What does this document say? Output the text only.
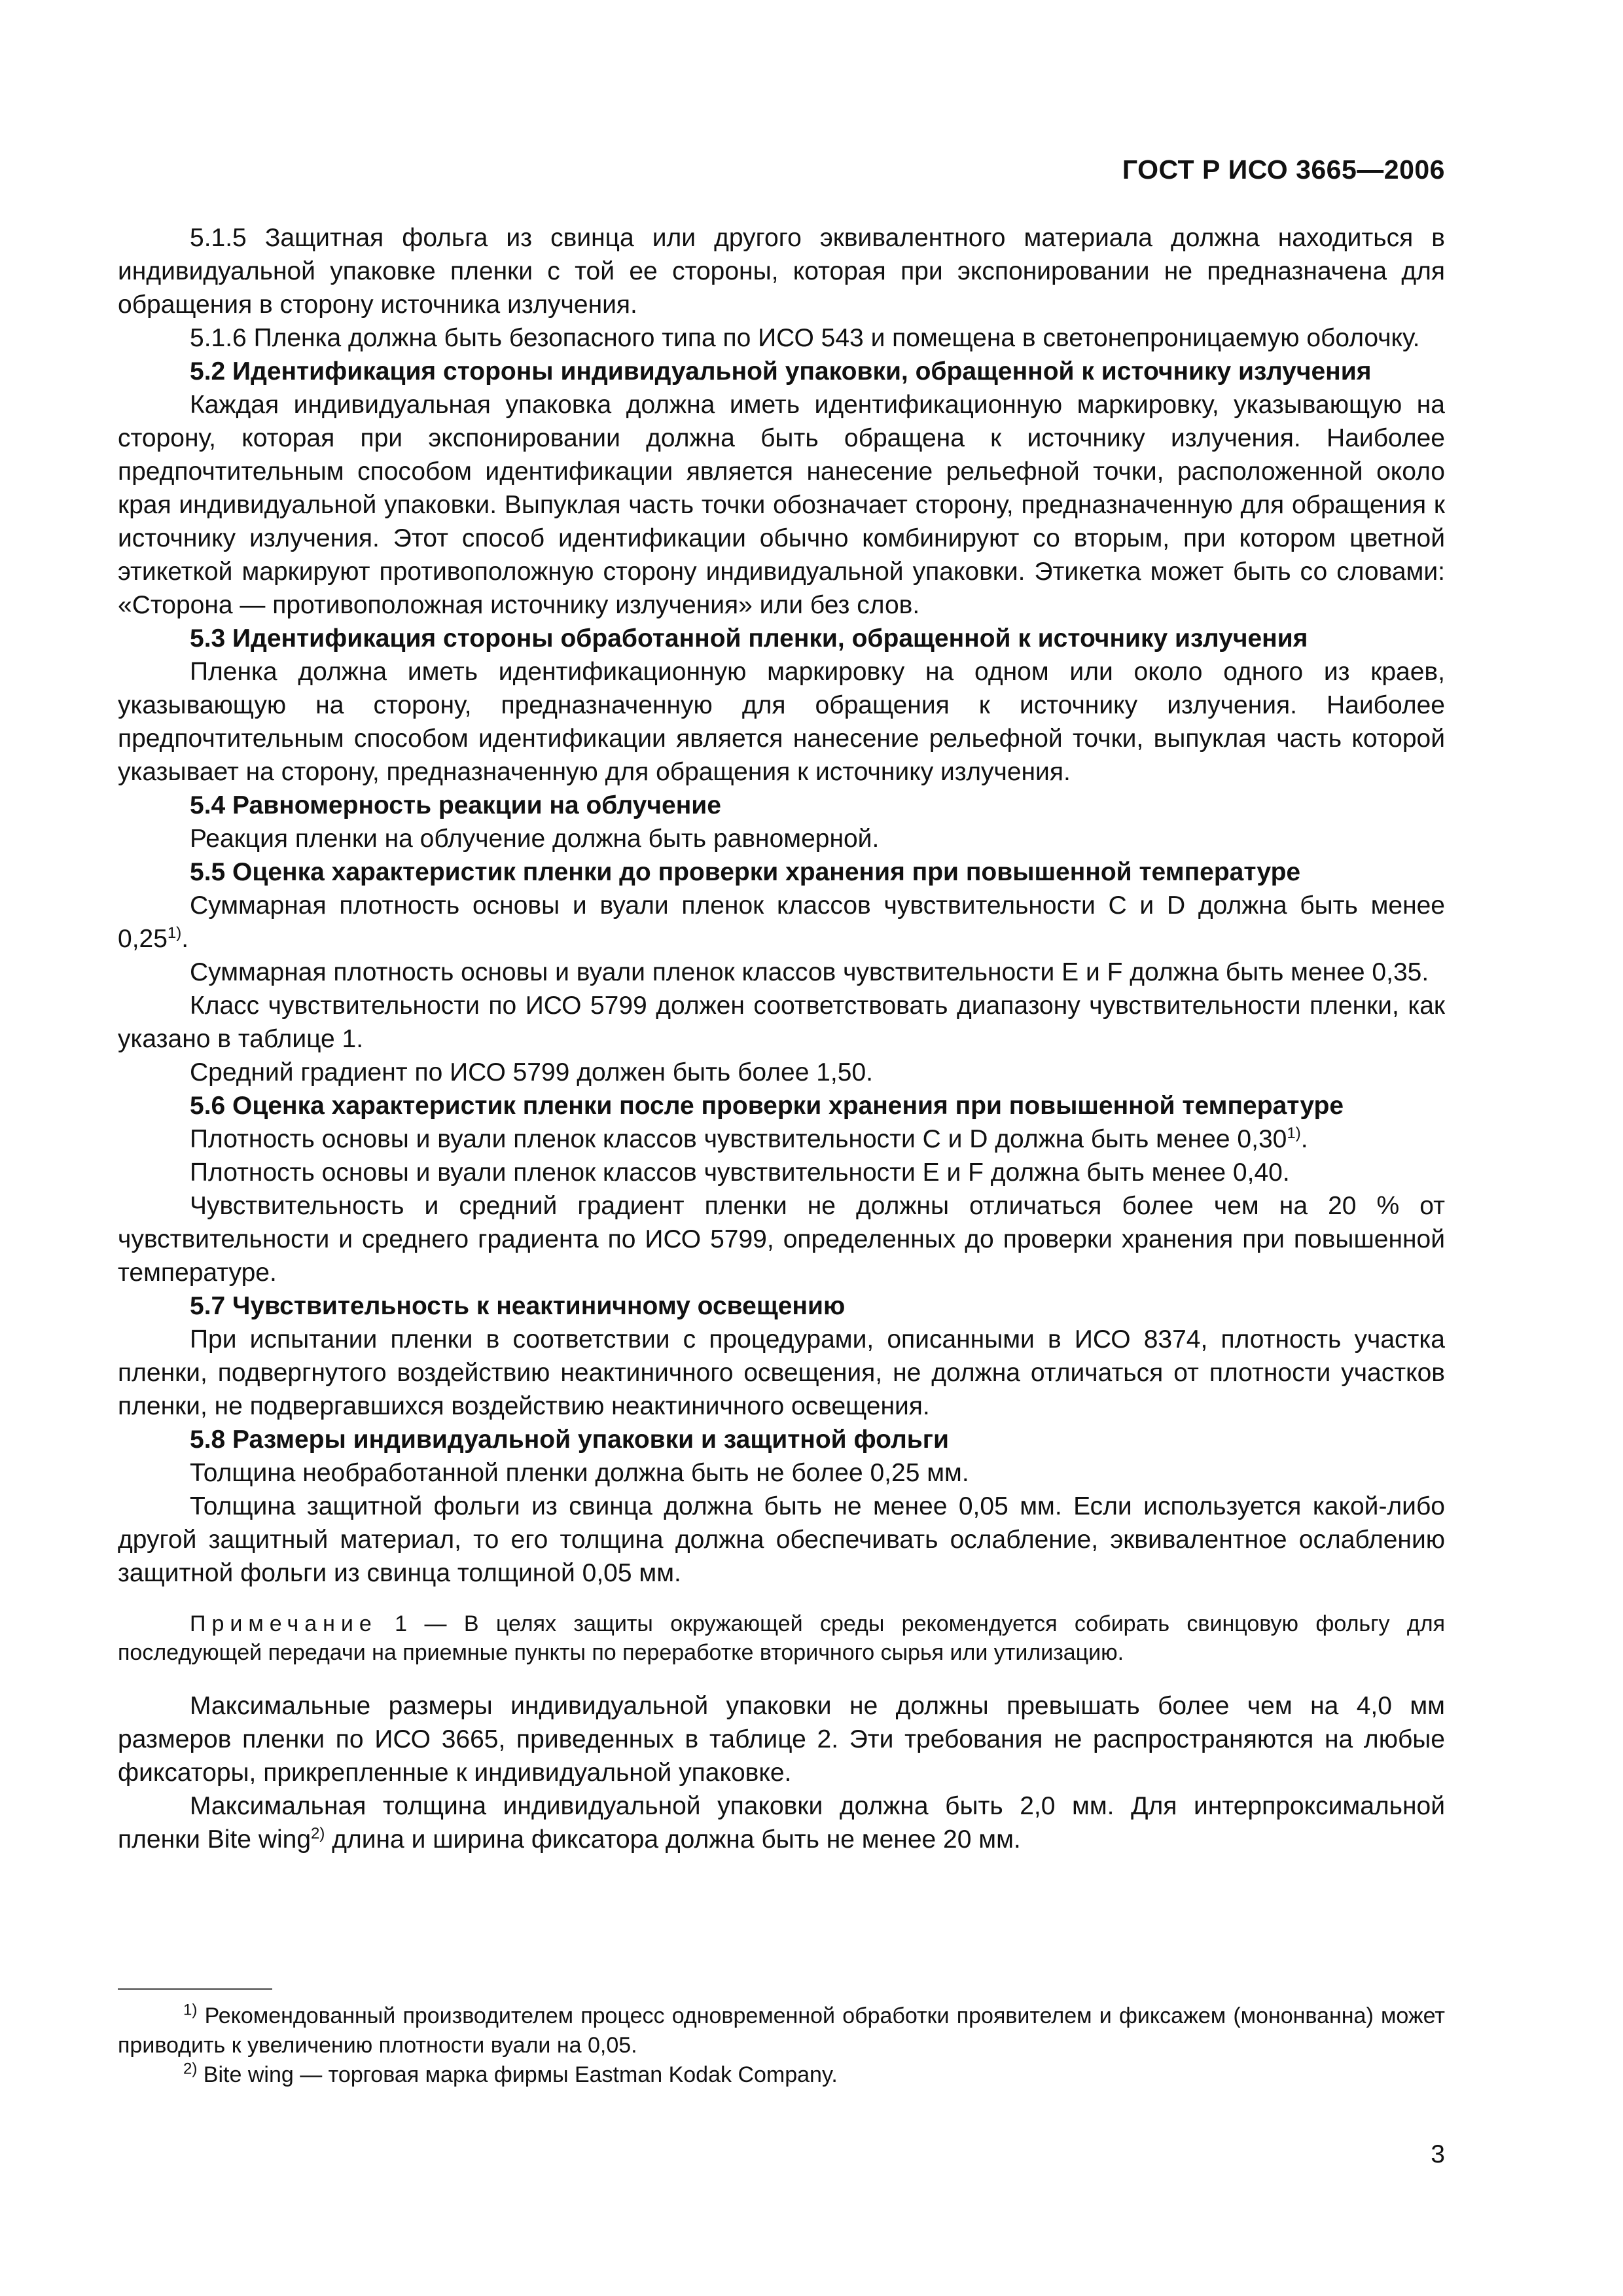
ГОСТ Р ИСО 3665—2006

5.1.5 Защитная фольга из свинца или другого эквивалентного материала должна находиться в индивидуальной упаковке пленки с той ее стороны, которая при экспонировании не предназначена для обращения в сторону источника излучения.

5.1.6 Пленка должна быть безопасного типа по ИСО 543 и помещена в светонепроницаемую оболочку.

5.2 Идентификация стороны индивидуальной упаковки, обращенной к источнику излучения

Каждая индивидуальная упаковка должна иметь идентификационную маркировку, указывающую на сторону, которая при экспонировании должна быть обращена к источнику излучения. Наиболее предпочтительным способом идентификации является нанесение рельефной точки, расположенной около края индивидуальной упаковки. Выпуклая часть точки обозначает сторону, предназначенную для обращения к источнику излучения. Этот способ идентификации обычно комбинируют со вторым, при котором цветной этикеткой маркируют противоположную сторону индивидуальной упаковки. Этикетка может быть со словами: «Сторона — противоположная источнику излучения» или без слов.

5.3 Идентификация стороны обработанной пленки, обращенной к источнику излучения

Пленка должна иметь идентификационную маркировку на одном или около одного из краев, указывающую на сторону, предназначенную для обращения к источнику излучения. Наиболее предпочтительным способом идентификации является нанесение рельефной точки, выпуклая часть которой указывает на сторону, предназначенную для обращения к источнику излучения.

5.4 Равномерность реакции на облучение

Реакция пленки на облучение должна быть равномерной.

5.5 Оценка характеристик пленки до проверки хранения при повышенной температуре

Суммарная плотность основы и вуали пленок классов чувствительности C и D должна быть менее 0,25$^{1)}$.

Суммарная плотность основы и вуали пленок классов чувствительности E и F должна быть менее 0,35.

Класс чувствительности по ИСО 5799 должен соответствовать диапазону чувствительности пленки, как указано в таблице 1.

Средний градиент по ИСО 5799 должен быть более 1,50.

5.6 Оценка характеристик пленки после проверки хранения при повышенной температуре

Плотность основы и вуали пленок классов чувствительности C и D должна быть менее 0,30$^{1)}$.

Плотность основы и вуали пленок классов чувствительности E и F должна быть менее 0,40.

Чувствительность и средний градиент пленки не должны отличаться более чем на 20 % от чувствительности и среднего градиента по ИСО 5799, определенных до проверки хранения при повышенной температуре.

5.7 Чувствительность к неактиничному освещению

При испытании пленки в соответствии с процедурами, описанными в ИСО 8374, плотность участка пленки, подвергнутого воздействию неактиничного освещения, не должна отличаться от плотности участков пленки, не подвергавшихся воздействию неактиничного освещения.

5.8 Размеры индивидуальной упаковки и защитной фольги

Толщина необработанной пленки должна быть не более 0,25 мм.

Толщина защитной фольги из свинца должна быть не менее 0,05 мм. Если используется какой-либо другой защитный материал, то его толщина должна обеспечивать ослабление, эквивалентное ослаблению защитной фольги из свинца толщиной 0,05 мм.

Примечание 1 — В целях защиты окружающей среды рекомендуется собирать свинцовую фольгу для последующей передачи на приемные пункты по переработке вторичного сырья или утилизацию.

Максимальные размеры индивидуальной упаковки не должны превышать более чем на 4,0 мм размеров пленки по ИСО 3665, приведенных в таблице 2. Эти требования не распространяются на любые фиксаторы, прикрепленные к индивидуальной упаковке.

Максимальная толщина индивидуальной упаковки должна быть 2,0 мм. Для интерпроксимальной пленки Bite wing$^{2)}$ длина и ширина фиксатора должна быть не менее 20 мм.

$^{1)}$ Рекомендованный производителем процесс одновременной обработки проявителем и фиксажем (мононванна) может приводить к увеличению плотности вуали на 0,05.

$^{2)}$ Bite wing — торговая марка фирмы Eastman Kodak Company.

3
